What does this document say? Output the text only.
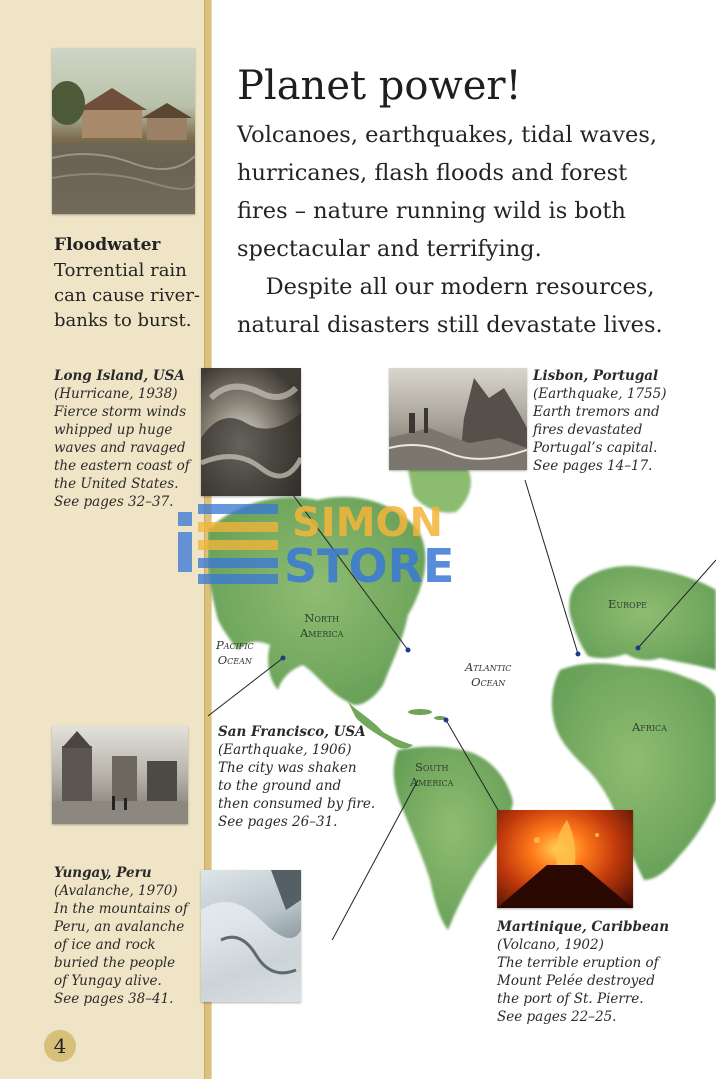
North
America
South
America
Europe
Africa
Pacific
Ocean	Atlantic
Ocean
Planet power!
Volcanoes, earthquakes, tidal waves,
hurricanes, flash floods and forest
fires – nature running wild is both
spectacular and terrifying.
Despite all our modern resources,
natural disasters still devastate lives.
Floodwater
Torrential rain
can cause river-
banks to burst.
Long Island, USA
(Hurricane, 1938)
Fierce storm winds
whipped up huge
waves and ravaged
the eastern coast of
the United States.
See pages 32–37.
Lisbon, Portugal
(Earthquake, 1755)
Earth tremors and
fires devastated
Portugal’s capital.
See pages 14–17.
San Francisco, USA
(Earthquake, 1906)
The city was shaken
to the ground and
then consumed by fire.
See pages 26–31.
Martinique, Caribbean
(Volcano, 1902)
The terrible eruption of
Mount Pelée destroyed
the port of St. Pierre.
See pages 22–25.
Yungay, Peru
(Avalanche, 1970)
In the mountains of
Peru, an avalanche
of ice and rock
buried the people
of Yungay alive.
See pages 38–41.
SIMON
STORE
4
